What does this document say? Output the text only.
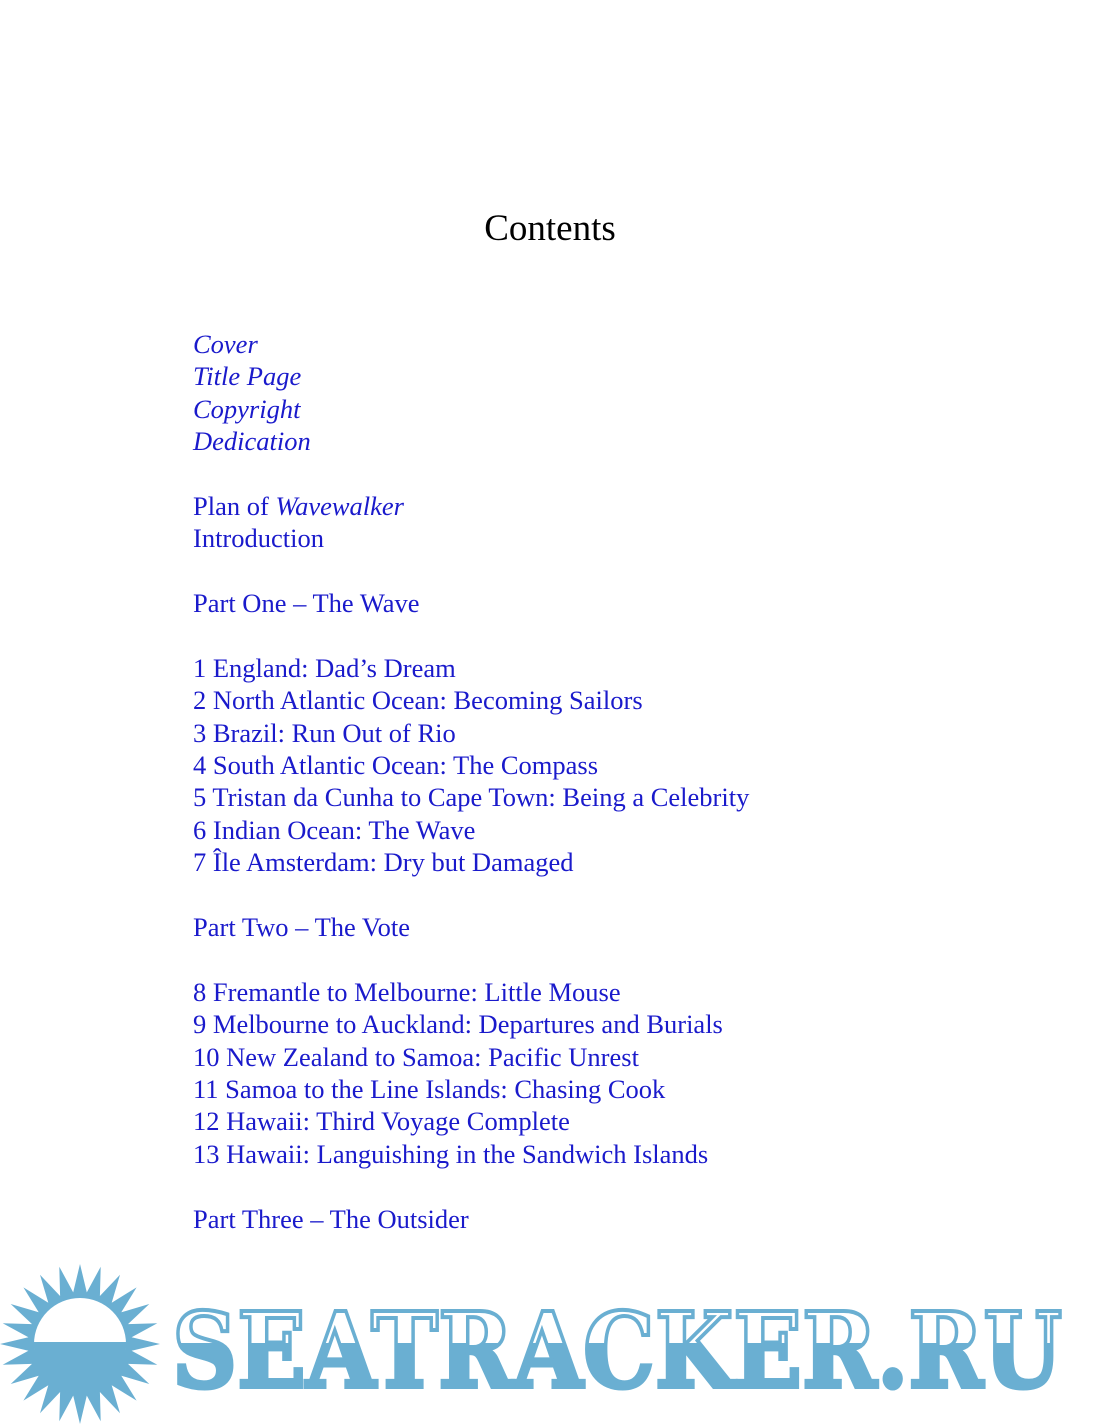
Contents
Cover
Title Page
Copyright
Dedication
Plan of Wavewalker
Introduction
Part One – The Wave
1 England: Dad’s Dream
2 North Atlantic Ocean: Becoming Sailors
3 Brazil: Run Out of Rio
4 South Atlantic Ocean: The Compass
5 Tristan da Cunha to Cape Town: Being a Celebrity
6 Indian Ocean: The Wave
7 Île Amsterdam: Dry but Damaged
Part Two – The Vote
8 Fremantle to Melbourne: Little Mouse
9 Melbourne to Auckland: Departures and Burials
10 New Zealand to Samoa: Pacific Unrest
11 Samoa to the Line Islands: Chasing Cook
12 Hawaii: Third Voyage Complete
13 Hawaii: Languishing in the Sandwich Islands
Part Three – The Outsider
SEATRACKER.RU
